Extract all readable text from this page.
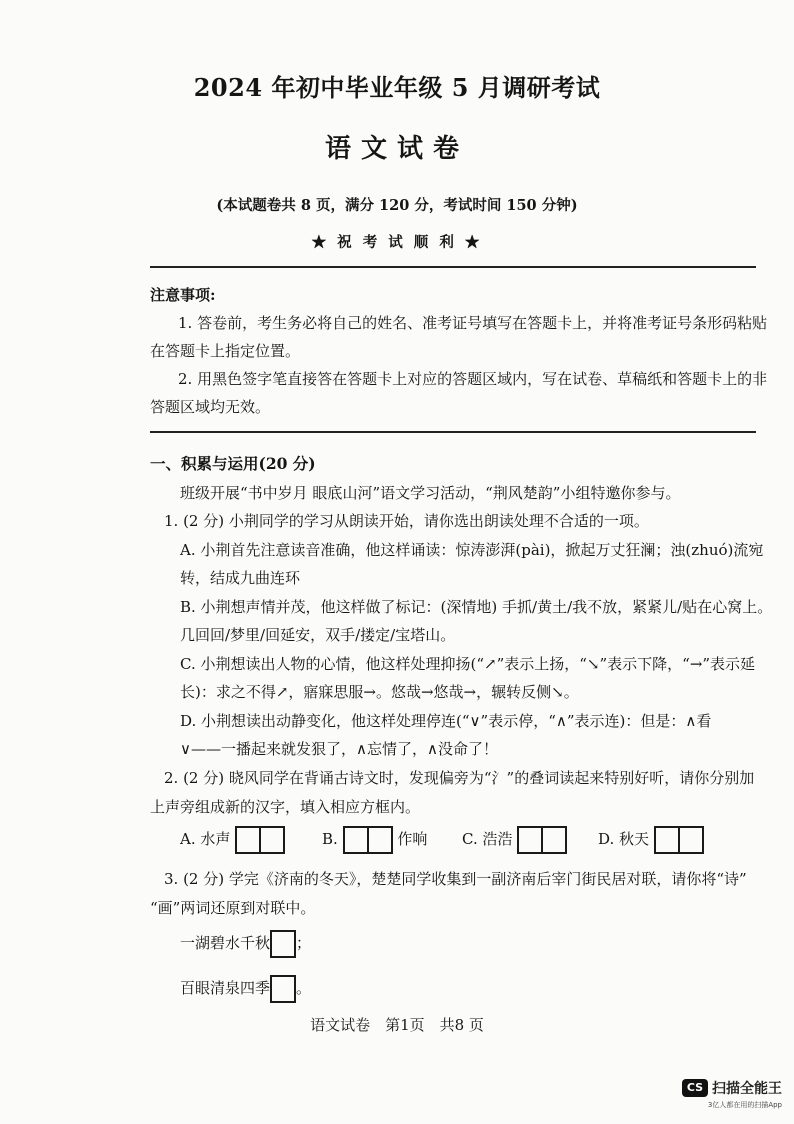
2024 年初中毕业年级 5 月调研考试
语文试卷
(本试题卷共 8 页，满分 120 分，考试时间 150 分钟)
★ 祝 考 试 顺 利 ★
注意事项:
1. 答卷前，考生务必将自己的姓名、准考证号填写在答题卡上，并将准考证号条形码粘贴
在答题卡上指定位置。
2. 用黑色签字笔直接答在答题卡上对应的答题区域内，写在试卷、草稿纸和答题卡上的非
答题区域均无效。
一、积累与运用(20 分)
班级开展“书中岁月 眼底山河”语文学习活动，“荆风楚韵”小组特邀你参与。
1. (2 分) 小荆同学的学习从朗读开始，请你选出朗读处理不合适的一项。
A. 小荆首先注意读音准确，他这样诵读：惊涛澎湃(pài)，掀起万丈狂澜；浊(zhuó)流宛
转，结成九曲连环
B. 小荆想声情并茂，他这样做了标记：(深情地) 手抓/黄土/我不放，紧紧儿/贴在心窝上。
几回回/梦里/回延安，双手/搂定/宝塔山。
C. 小荆想读出人物的心情，他这样处理抑扬(“↗”表示上扬，“↘”表示下降，“→”表示延
长)：求之不得↗，寤寐思服→。悠哉→悠哉→，辗转反侧↘。
D. 小荆想读出动静变化，他这样处理停连(“∨”表示停，“∧”表示连)：但是：∧看
∨——一播起来就发狠了，∧忘情了，∧没命了！
2. (2 分) 晓风同学在背诵古诗文时，发现偏旁为“氵”的叠词读起来特别好听，请你分别加
上声旁组成新的汉字，填入相应方框内。
A. 水声	B.	作响 C. 浩浩	D. 秋天
3. (2 分) 学完《济南的冬天》，楚楚同学收集到一副济南后宰门街民居对联，请你将“诗”
“画”两词还原到对联中。
一湖碧水千秋 ；
百眼清泉四季 。
语文试卷　第1页　共8 页
CS 扫描全能王
3亿人都在用的扫描App
